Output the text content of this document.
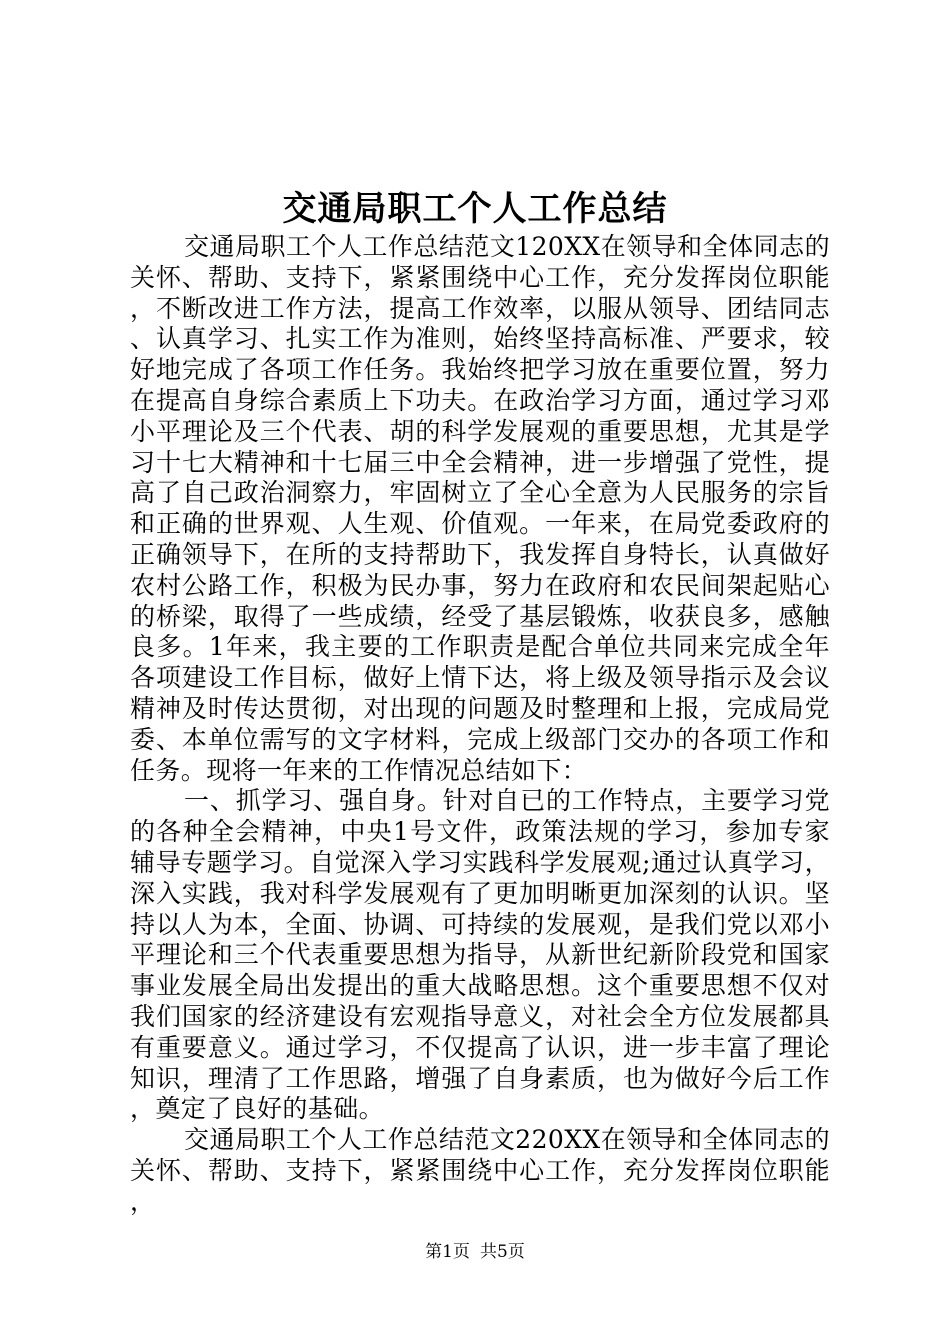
交通局职工个人工作总结

交通局职工个人工作总结范文120XX在领导和全体同志的关怀、帮助、支持下，紧紧围绕中心工作，充分发挥岗位职能，不断改进工作方法，提高工作效率，以服从领导、团结同志、认真学习、扎实工作为准则，始终坚持高标准、严要求，较好地完成了各项工作任务。我始终把学习放在重要位置，努力在提高自身综合素质上下功夫。在政治学习方面，通过学习邓小平理论及三个代表、胡的科学发展观的重要思想，尤其是学习十七大精神和十七届三中全会精神，进一步增强了党性，提高了自己政治洞察力，牢固树立了全心全意为人民服务的宗旨和正确的世界观、人生观、价值观。一年来，在局党委政府的正确领导下，在所的支持帮助下，我发挥自身特长，认真做好农村公路工作，积极为民办事，努力在政府和农民间架起贴心的桥梁，取得了一些成绩，经受了基层锻炼，收获良多，感触良多。1年来，我主要的工作职责是配合单位共同来完成全年各项建设工作目标，做好上情下达，将上级及领导指示及会议精神及时传达贯彻，对出现的问题及时整理和上报，完成局党委、本单位需写的文字材料，完成上级部门交办的各项工作和任务。现将一年来的工作情况总结如下：

一、抓学习、强自身。针对自已的工作特点，主要学习党的各种全会精神，中央1号文件，政策法规的学习，参加专家辅导专题学习。自觉深入学习实践科学发展观;通过认真学习，深入实践，我对科学发展观有了更加明晰更加深刻的认识。坚持以人为本，全面、协调、可持续的发展观，是我们党以邓小平理论和三个代表重要思想为指导，从新世纪新阶段党和国家事业发展全局出发提出的重大战略思想。这个重要思想不仅对我们国家的经济建设有宏观指导意义，对社会全方位发展都具有重要意义。通过学习，不仅提高了认识，进一步丰富了理论知识，理清了工作思路，增强了自身素质，也为做好今后工作，奠定了良好的基础。

交通局职工个人工作总结范文220XX在领导和全体同志的关怀、帮助、支持下，紧紧围绕中心工作，充分发挥岗位职能，

第1页 共5页
